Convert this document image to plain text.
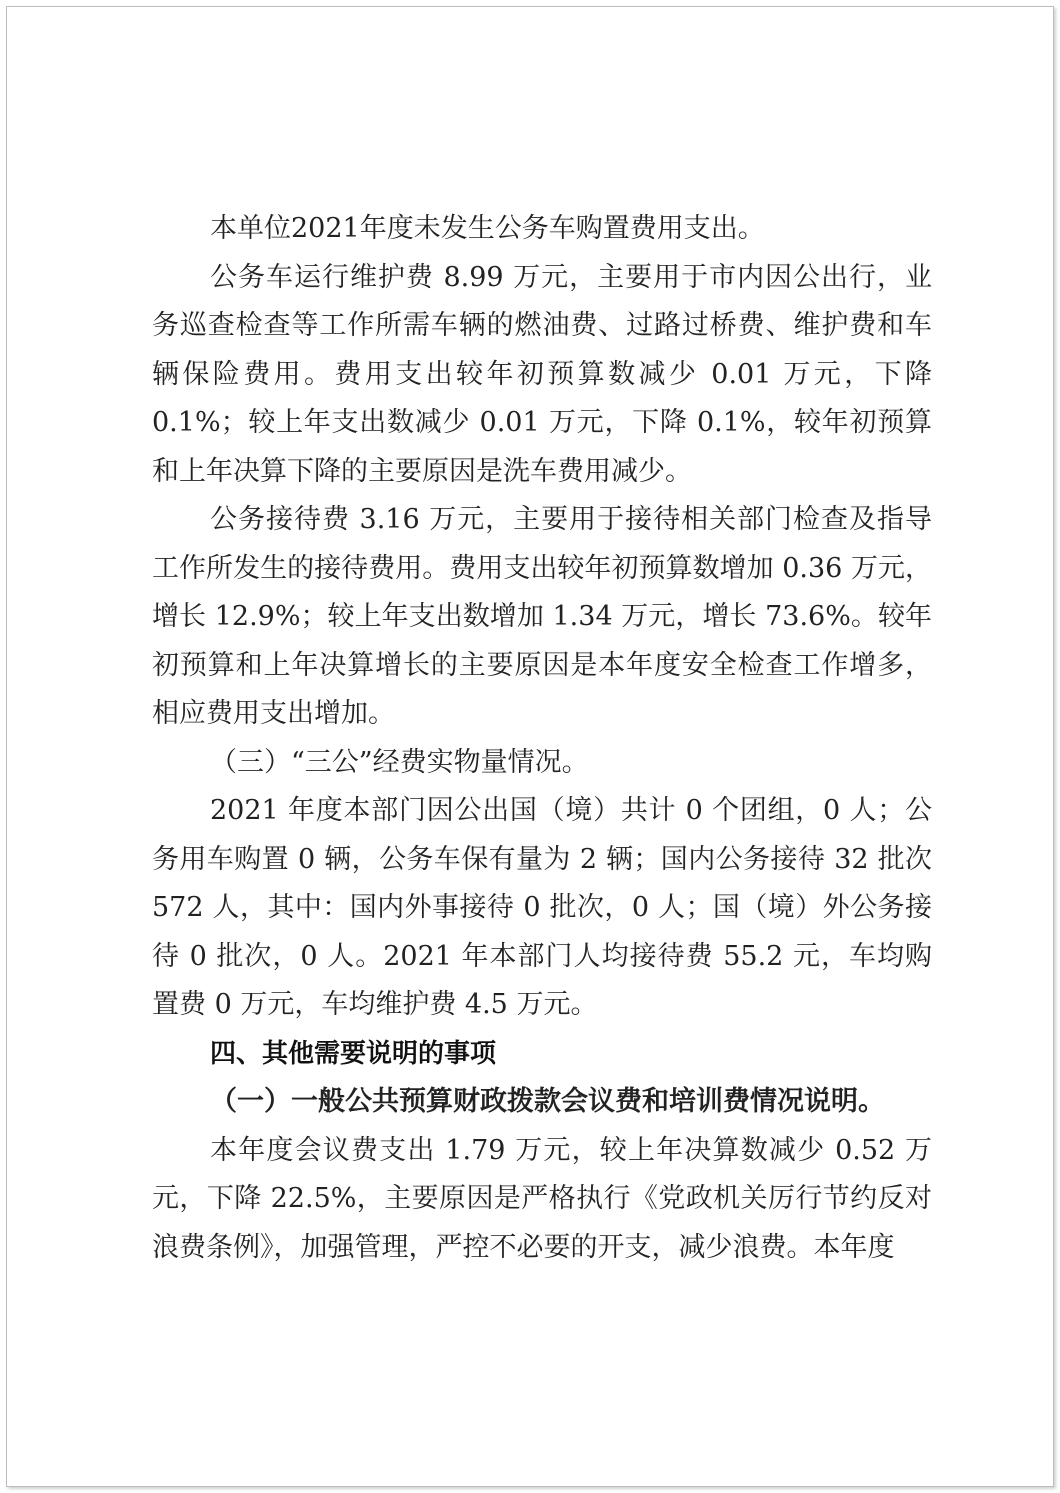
本单位2021年度未发生公务车购置费用支出。

公务车运行维护费 8.99 万元，主要用于市内因公出行，业务巡查检查等工作所需车辆的燃油费、过路过桥费、维护费和车辆保险费用。费用支出较年初预算数减少 0.01 万元，下降0.1%；较上年支出数减少 0.01 万元，下降 0.1%，较年初预算和上年决算下降的主要原因是洗车费用减少。

公务接待费 3.16 万元，主要用于接待相关部门检查及指导工作所发生的接待费用。费用支出较年初预算数增加 0.36 万元，增长 12.9%；较上年支出数增加 1.34 万元，增长 73.6%。较年初预算和上年决算增长的主要原因是本年度安全检查工作增多，相应费用支出增加。

（三）“三公”经费实物量情况。

2021 年度本部门因公出国（境）共计 0 个团组，0 人；公务用车购置 0 辆，公务车保有量为 2 辆；国内公务接待 32 批次572 人，其中：国内外事接待 0 批次，0 人；国（境）外公务接待 0 批次，0 人。2021 年本部门人均接待费 55.2 元，车均购置费 0 万元，车均维护费 4.5 万元。

四、其他需要说明的事项

（一）一般公共预算财政拨款会议费和培训费情况说明。

本年度会议费支出 1.79 万元，较上年决算数减少 0.52 万元，下降 22.5%，主要原因是严格执行《党政机关厉行节约反对浪费条例》，加强管理，严控不必要的开支，减少浪费。本年度
